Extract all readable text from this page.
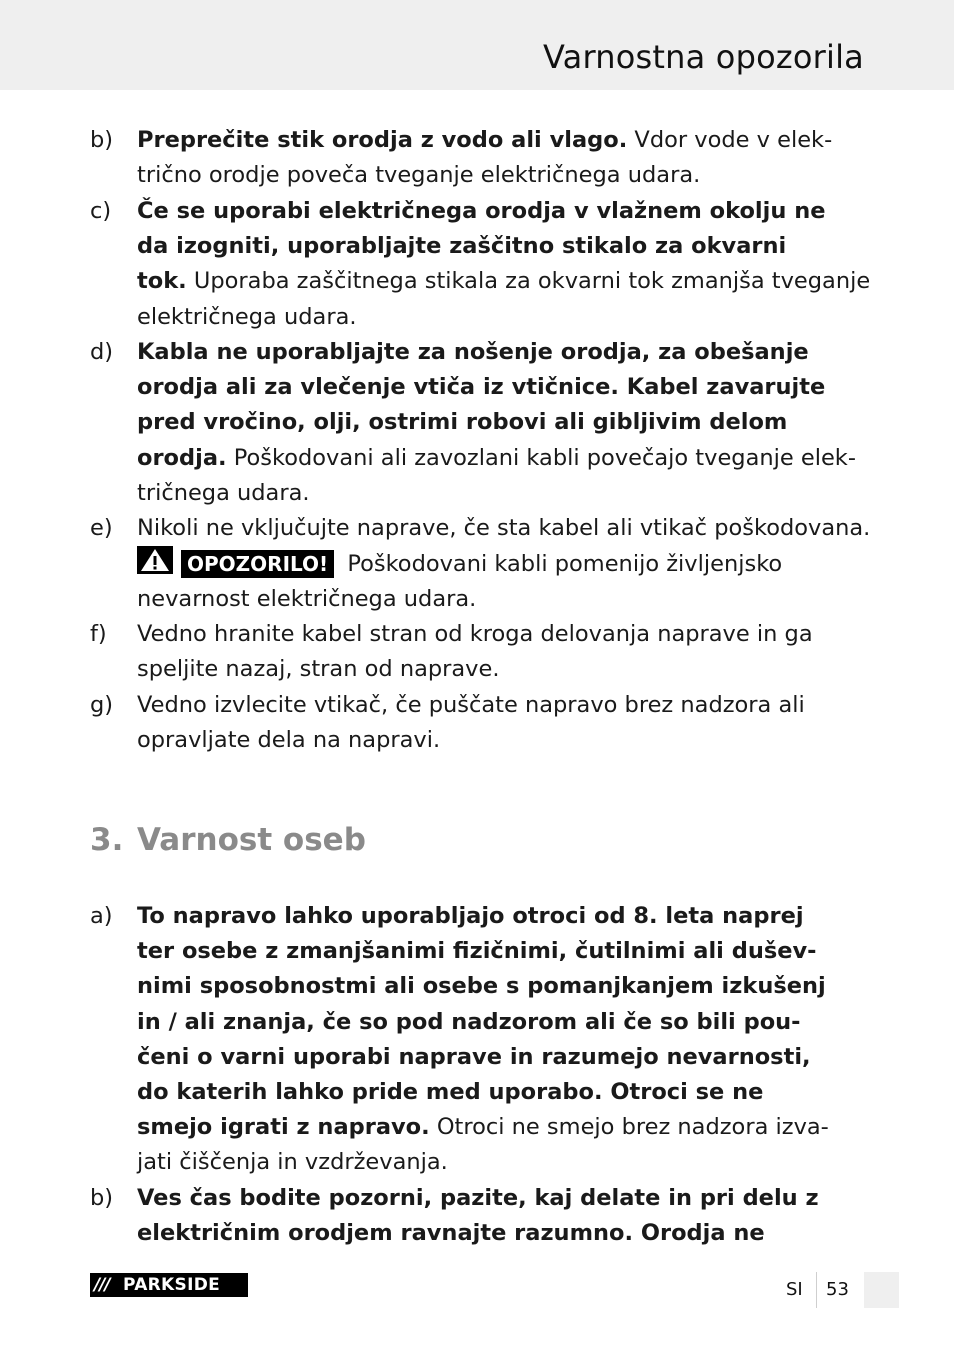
Varnostna opozorila
b) Preprečite stik orodja z vodo ali vlago. Vdor vode v elek-
trično orodje poveča tveganje električnega udara.
c) Če se uporabi električnega orodja v vlažnem okolju ne
da izogniti, uporabljajte zaščitno stikalo za okvarni
tok. Uporaba zaščitnega stikala za okvarni tok zmanjša tveganje
električnega udara.
d) Kabla ne uporabljajte za nošenje orodja, za obešanje
orodja ali za vlečenje vtiča iz vtičnice. Kabel zavarujte
pred vročino, olji, ostrimi robovi ali gibljivim delom
orodja. Poškodovani ali zavozlani kabli povečajo tveganje elek-
tričnega udara.
e) Nikoli ne vključujte naprave, če sta kabel ali vtikač poškodovana.
OPOZORILO! Poškodovani kabli pomenijo življenjsko
nevarnost električnega udara.
f) Vedno hranite kabel stran od kroga delovanja naprave in ga
speljite nazaj, stran od naprave.
g) Vedno izvlecite vtikač, če puščate napravo brez nadzora ali
opravljate dela na napravi.
3. Varnost oseb
a) To napravo lahko uporabljajo otroci od 8. leta naprej
ter osebe z zmanjšanimi fizičnimi, čutilnimi ali dušev-
nimi sposobnostmi ali osebe s pomanjkanjem izkušenj
in / ali znanja, če so pod nadzorom ali če so bili pou-
čeni o varni uporabi naprave in razumejo nevarnosti,
do katerih lahko pride med uporabo. Otroci se ne
smejo igrati z napravo. Otroci ne smejo brez nadzora izva-
jati čiščenja in vzdrževanja.
b) Ves čas bodite pozorni, pazite, kaj delate in pri delu z
električnim orodjem ravnajte razumno. Orodja ne
/// PARKSIDE	SI 53
